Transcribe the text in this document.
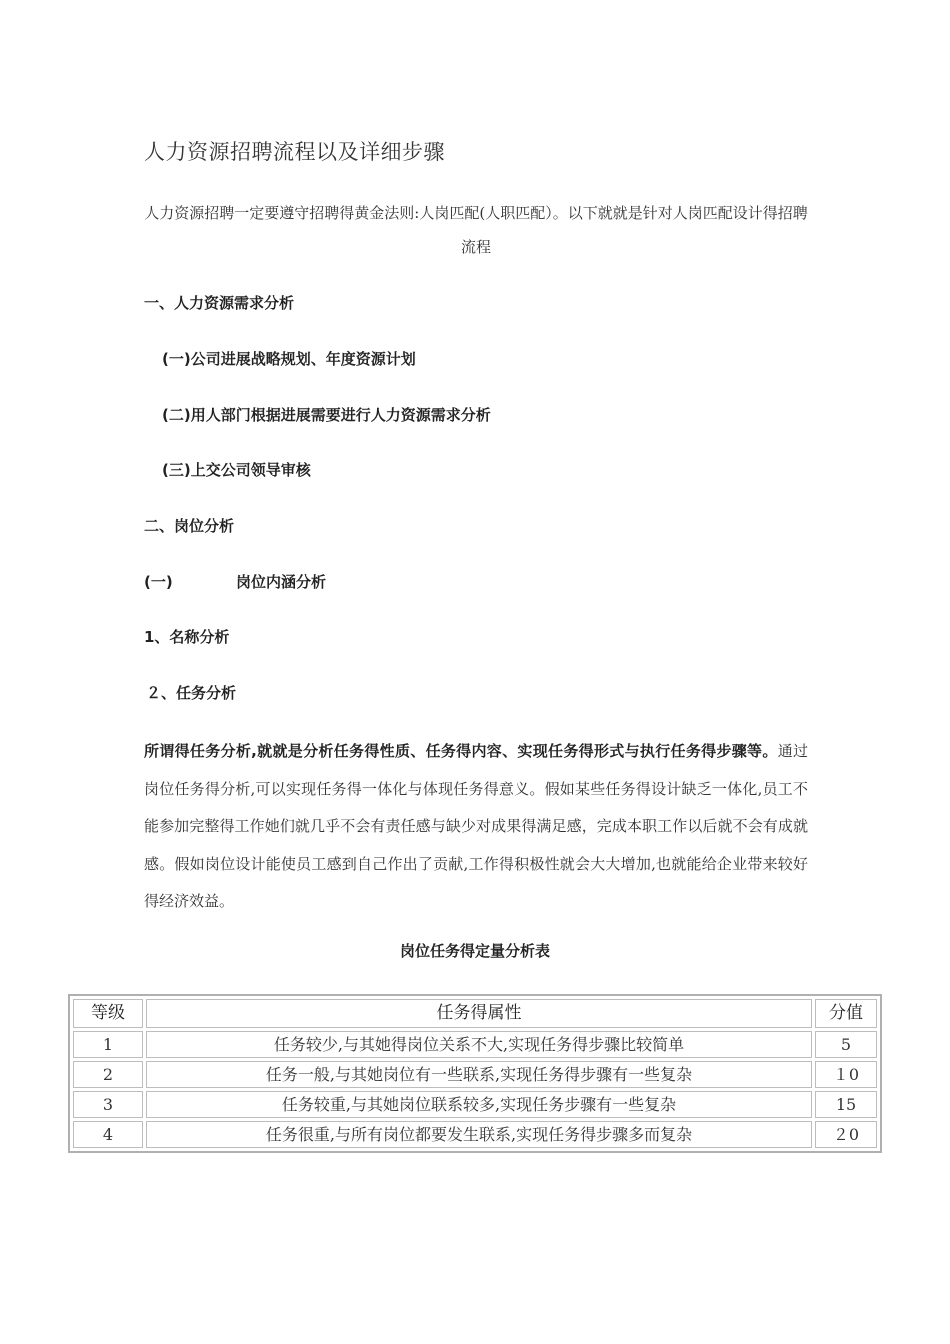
人力资源招聘流程以及详细步骤
人力资源招聘一定要遵守招聘得黄金法则:人岗匹配(人职匹配）。以下就就是针对人岗匹配设计得招聘流程
一、人力资源需求分析
(一)公司进展战略规划、年度资源计划
(二)用人部门根据进展需要进行人力资源需求分析
(三)上交公司领导审核
二、岗位分析
(一)	岗位内涵分析
1、名称分析
２、任务分析
所谓得任务分析,就就是分析任务得性质、任务得内容、实现任务得形式与执行任务得步骤等。通过岗位任务得分析,可以实现任务得一体化与体现任务得意义。假如某些任务得设计缺乏一体化,员工不能参加完整得工作她们就几乎不会有责任感与缺少对成果得满足感，完成本职工作以后就不会有成就感。假如岗位设计能使员工感到自己作出了贡献,工作得积极性就会大大增加,也就能给企业带来较好得经济效益。
岗位任务得定量分析表
等级	任务得属性	分值
1	任务较少,与其她得岗位关系不大,实现任务得步骤比较简单	5
2	任务一般,与其她岗位有一些联系,实现任务得步骤有一些复杂	１0
3	任务较重,与其她岗位联系较多,实现任务步骤有一些复杂	15
4	任务很重,与所有岗位都要发生联系,实现任务得步骤多而复杂	２0
